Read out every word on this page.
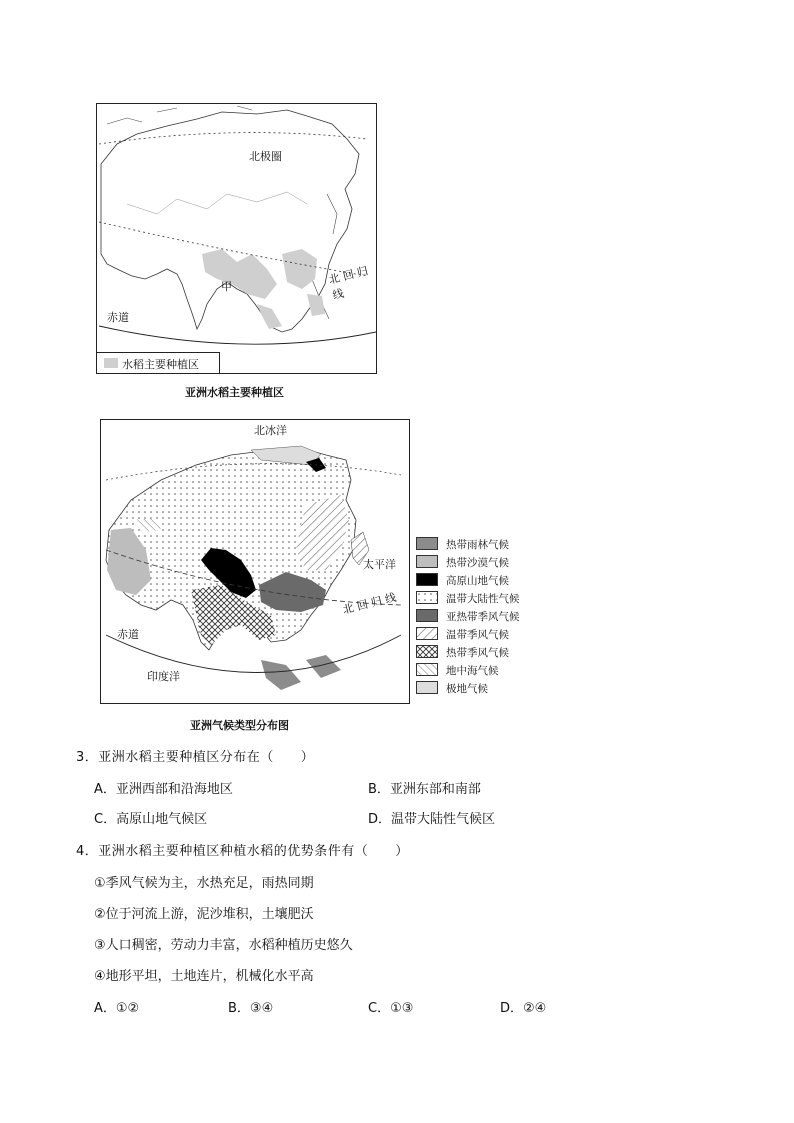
北极圈
甲	北 回 归 线
赤道
水稻主要种植区
亚洲水稻主要种植区
北冰洋
太平洋
北 回 归 线
赤道
印度洋
热带雨林气候
热带沙漠气候
高原山地气候
温带大陆性气候
亚热带季风气候
温带季风气候
热带季风气候
地中海气候
极地气候
亚洲气候类型分布图
3．亚洲水稻主要种植区分布在（　　）
A．亚洲西部和沿海地区	B．亚洲东部和南部
C．高原山地气候区	D．温带大陆性气候区
4．亚洲水稻主要种植区种植水稻的优势条件有（　　）
①季风气候为主，水热充足，雨热同期
②位于河流上游，泥沙堆积，土壤肥沃
③人口稠密，劳动力丰富，水稻种植历史悠久
④地形平坦，土地连片，机械化水平高
A．①②	B．③④	C．①③	D．②④
